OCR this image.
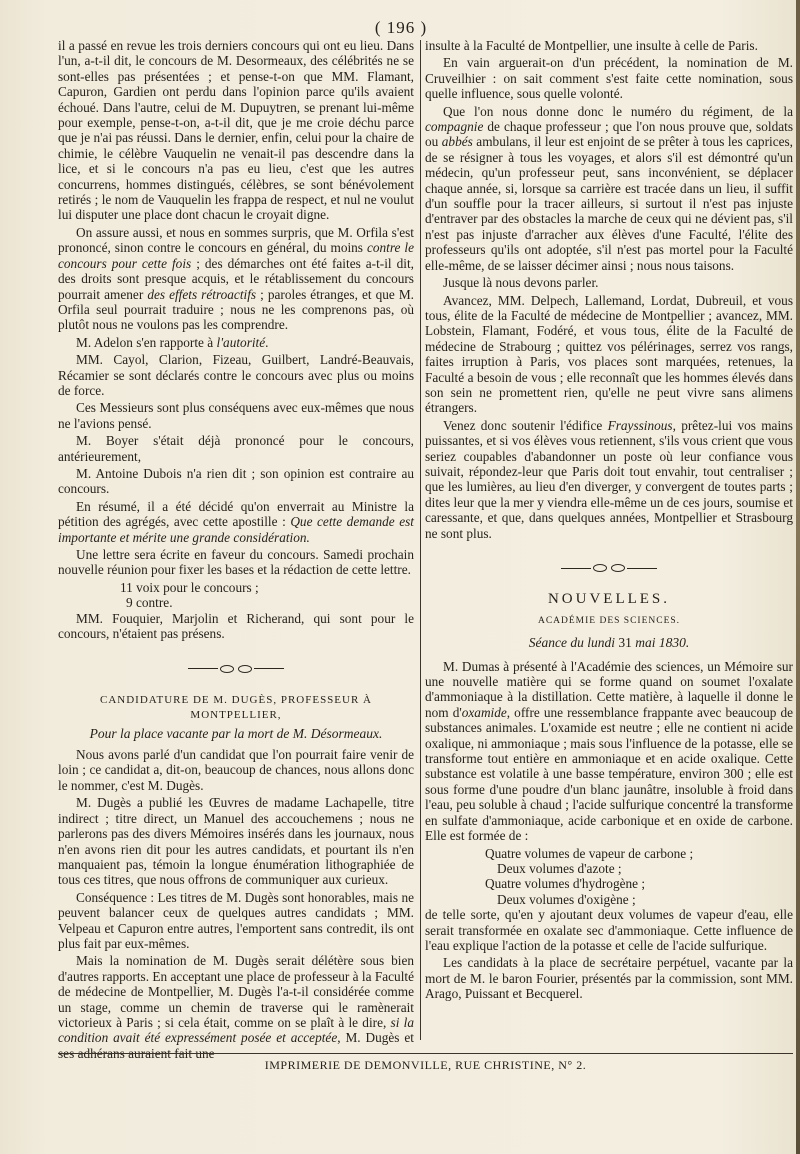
( 196 )

il a passé en revue les trois derniers concours qui ont eu lieu. Dans l'un, a-t-il dit, le concours de M. Desormeaux, des célébrités ne se sont-elles pas présentées ; et pense-t-on que MM. Flamant, Capuron, Gardien ont perdu dans l'opinion parce qu'ils avaient échoué. Dans l'autre, celui de M. Dupuytren, se prenant lui-même pour exemple, pense-t-on, a-t-il dit, que je me croie déchu parce que je n'ai pas réussi. Dans le dernier, enfin, celui pour la chaire de chimie, le célèbre Vauquelin ne venait-il pas descendre dans la lice, et si le concours n'a pas eu lieu, c'est que les autres concurrens, hommes distingués, célèbres, se sont bénévolement retirés ; le nom de Vauquelin les frappa de respect, et nul ne voulut lui disputer une place dont chacun le croyait digne.

On assure aussi, et nous en sommes surpris, que M. Orfila s'est prononcé, sinon contre le concours en général, du moins contre le concours pour cette fois ; des démarches ont été faites a-t-il dit, des droits sont presque acquis, et le rétablissement du concours pourrait amener des effets rétroactifs ; paroles étranges, et que M. Orfila seul pourrait traduire ; nous ne les comprenons pas, où plutôt nous ne voulons pas les comprendre.

M. Adelon s'en rapporte à l'autorité.

MM. Cayol, Clarion, Fizeau, Guilbert, Landré-Beauvais, Récamier se sont déclarés contre le concours avec plus ou moins de force.

Ces Messieurs sont plus conséquens avec eux-mêmes que nous ne l'avions pensé.

M. Boyer s'était déjà prononcé pour le concours, antérieurement,

M. Antoine Dubois n'a rien dit ; son opinion est contraire au concours.

En résumé, il a été décidé qu'on enverrait au Ministre la pétition des agrégés, avec cette apostille : Que cette demande est importante et mérite une grande considération.

Une lettre sera écrite en faveur du concours. Samedi prochain nouvelle réunion pour fixer les bases et la rédaction de cette lettre.

11 voix pour le concours ;
9 contre.

MM. Fouquier, Marjolin et Richerand, qui sont pour le concours, n'étaient pas présens.

CANDIDATURE DE M. DUGÈS, PROFESSEUR À MONTPELLIER,
Pour la place vacante par la mort de M. Désormeaux.

Nous avons parlé d'un candidat que l'on pourrait faire venir de loin ; ce candidat a, dit-on, beaucoup de chances, nous allons donc le nommer, c'est M. Dugès.

M. Dugès a publié les Œuvres de madame Lachapelle, titre indirect ; titre direct, un Manuel des accouchemens ; nous ne parlerons pas des divers Mémoires insérés dans les journaux, nous n'en avons rien dit pour les autres candidats, et pourtant ils n'en manquaient pas, témoin la longue énumération lithographiée de tous ces titres, que nous offrons de communiquer aux curieux.

Conséquence : Les titres de M. Dugès sont honorables, mais ne peuvent balancer ceux de quelques autres candidats ; MM. Velpeau et Capuron entre autres, l'emportent sans contredit, ils ont plus fait par eux-mêmes.

Mais la nomination de M. Dugès serait délétère sous bien d'autres rapports. En acceptant une place de professeur à la Faculté de médecine de Montpellier, M. Dugès l'a-t-il considérée comme un stage, comme un chemin de traverse qui le ramènerait victorieux à Paris ; si cela était, comme on se plaît à le dire, si la condition avait été expressément posée et acceptée, M. Dugès et ses adhérans auraient fait une

insulte à la Faculté de Montpellier, une insulte à celle de Paris.

En vain arguerait-on d'un précédent, la nomination de M. Cruveilhier : on sait comment s'est faite cette nomination, sous quelle influence, sous quelle volonté.

Que l'on nous donne donc le numéro du régiment, de la compagnie de chaque professeur ; que l'on nous prouve que, soldats ou abbés ambulans, il leur est enjoint de se prêter à tous les caprices, de se résigner à tous les voyages, et alors s'il est démontré qu'un médecin, qu'un professeur peut, sans inconvénient, se déplacer chaque année, si, lorsque sa carrière est tracée dans un lieu, il suffit d'un souffle pour la tracer ailleurs, si surtout il n'est pas injuste d'entraver par des obstacles la marche de ceux qui ne dévient pas, s'il n'est pas injuste d'arracher aux élèves d'une Faculté, l'élite des professeurs qu'ils ont adoptée, s'il n'est pas mortel pour la Faculté elle-même, de se laisser décimer ainsi ; nous nous taisons.

Jusque là nous devons parler.

Avancez, MM. Delpech, Lallemand, Lordat, Dubreuil, et vous tous, élite de la Faculté de médecine de Montpellier ; avancez, MM. Lobstein, Flamant, Fodéré, et vous tous, élite de la Faculté de médecine de Strabourg ; quittez vos pélérinages, serrez vos rangs, faites irruption à Paris, vos places sont marquées, retenues, la Faculté a besoin de vous ; elle reconnaît que les hommes élevés dans son sein ne promettent rien, qu'elle ne peut vivre sans alimens étrangers.

Venez donc soutenir l'édifice Frayssinous, prêtez-lui vos mains puissantes, et si vos élèves vous retiennent, s'ils vous crient que vous seriez coupables d'abandonner un poste où leur confiance vous suivait, répondez-leur que Paris doit tout envahir, tout centraliser ; que les lumières, au lieu d'en diverger, y convergent de toutes parts ; dites leur que la mer y viendra elle-même un de ces jours, soumise et caressante, et que, dans quelques années, Montpellier et Strasbourg ne sont plus.

NOUVELLES.
ACADÉMIE DES SCIENCES.
Séance du lundi 31 mai 1830.

M. Dumas à présenté à l'Académie des sciences, un Mémoire sur une nouvelle matière qui se forme quand on soumet l'oxalate d'ammoniaque à la distillation. Cette matière, à laquelle il donne le nom d'oxamide, offre une ressemblance frappante avec beaucoup de substances animales. L'oxamide est neutre ; elle ne contient ni acide oxalique, ni ammoniaque ; mais sous l'influence de la potasse, elle se transforme tout entière en ammoniaque et en acide oxalique. Cette substance est volatile à une basse température, environ 300 ; elle est sous forme d'une poudre d'un blanc jaunâtre, insoluble à froid dans l'eau, peu soluble à chaud ; l'acide sulfurique concentré la transforme en sulfate d'ammoniaque, acide carbonique et en oxide de carbone. Elle est formée de :

Quatre volumes de vapeur de carbone ;
Deux volumes d'azote ;
Quatre volumes d'hydrogène ;
Deux volumes d'oxigène ;

de telle sorte, qu'en y ajoutant deux volumes de vapeur d'eau, elle serait transformée en oxalate sec d'ammoniaque. Cette influence de l'eau explique l'action de la potasse et celle de l'acide sulfurique.

Les candidats à la place de secrétaire perpétuel, vacante par la mort de M. le baron Fourier, présentés par la commission, sont MM. Arago, Puissant et Becquerel.

IMPRIMERIE DE DEMONVILLE, RUE CHRISTINE, N° 2.
